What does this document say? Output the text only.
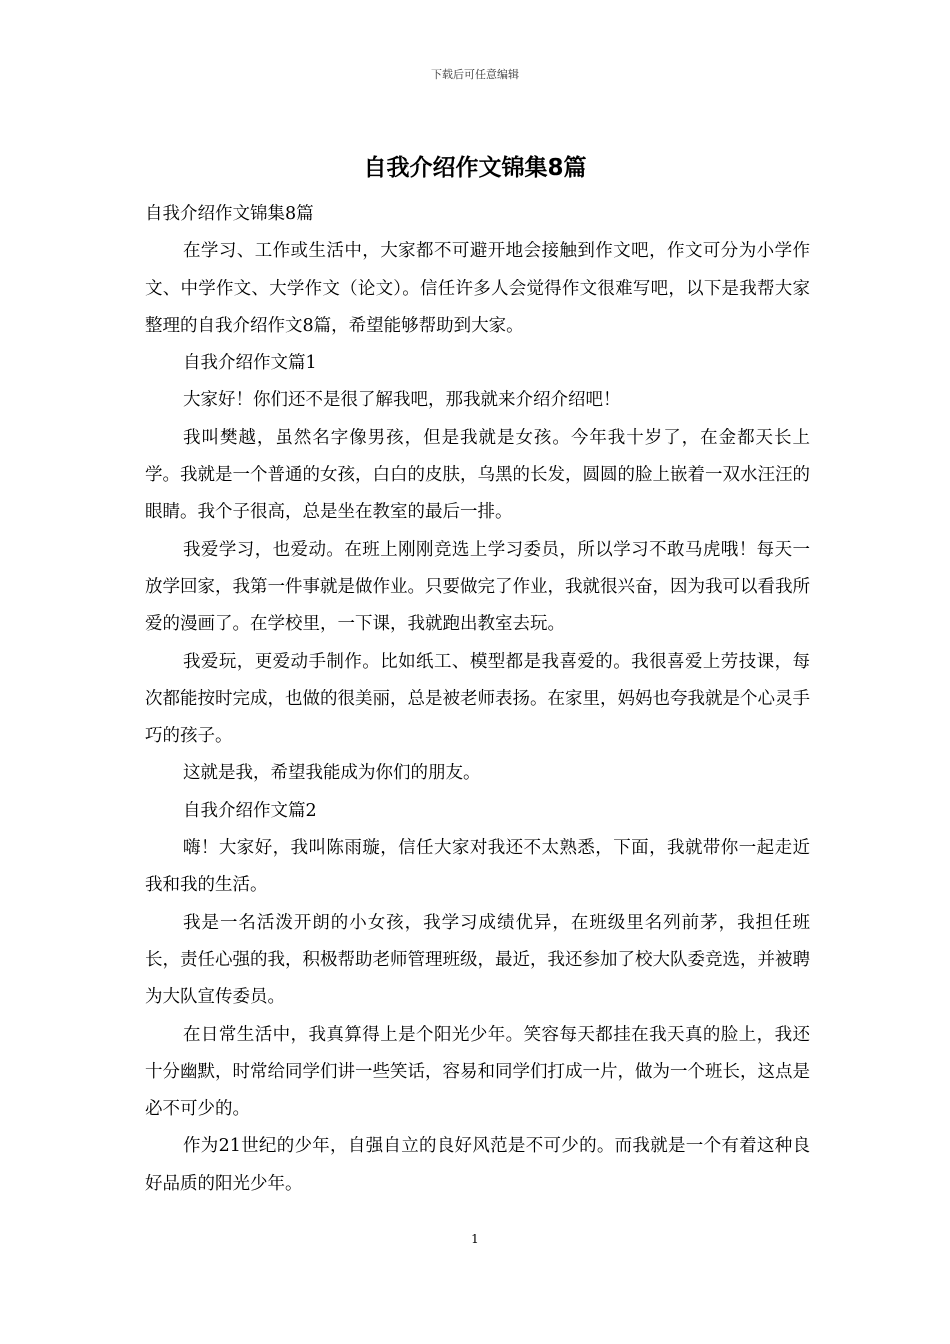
下载后可任意编辑
自我介绍作文锦集8篇

自我介绍作文锦集8篇

在学习、工作或生活中，大家都不可避开地会接触到作文吧，作文可分为小学作文、中学作文、大学作文（论文）。信任许多人会觉得作文很难写吧，以下是我帮大家整理的自我介绍作文8篇，希望能够帮助到大家。

自我介绍作文篇1

大家好！你们还不是很了解我吧，那我就来介绍介绍吧！

我叫樊越，虽然名字像男孩，但是我就是女孩。今年我十岁了，在金都天长上学。我就是一个普通的女孩，白白的皮肤，乌黑的长发，圆圆的脸上嵌着一双水汪汪的眼睛。我个子很高，总是坐在教室的最后一排。

我爱学习，也爱动。在班上刚刚竞选上学习委员，所以学习不敢马虎哦！每天一放学回家，我第一件事就是做作业。只要做完了作业，我就很兴奋，因为我可以看我所爱的漫画了。在学校里，一下课，我就跑出教室去玩。

我爱玩，更爱动手制作。比如纸工、模型都是我喜爱的。我很喜爱上劳技课，每次都能按时完成，也做的很美丽，总是被老师表扬。在家里，妈妈也夸我就是个心灵手巧的孩子。

这就是我，希望我能成为你们的朋友。

自我介绍作文篇2

嗨！大家好，我叫陈雨璇，信任大家对我还不太熟悉，下面，我就带你一起走近我和我的生活。

我是一名活泼开朗的小女孩，我学习成绩优异，在班级里名列前茅，我担任班长，责任心强的我，积极帮助老师管理班级，最近，我还参加了校大队委竞选，并被聘为大队宣传委员。

在日常生活中，我真算得上是个阳光少年。笑容每天都挂在我天真的脸上，我还十分幽默，时常给同学们讲一些笑话，容易和同学们打成一片，做为一个班长，这点是必不可少的。

作为21世纪的少年，自强自立的良好风范是不可少的。而我就是一个有着这种良好品质的阳光少年。

1
